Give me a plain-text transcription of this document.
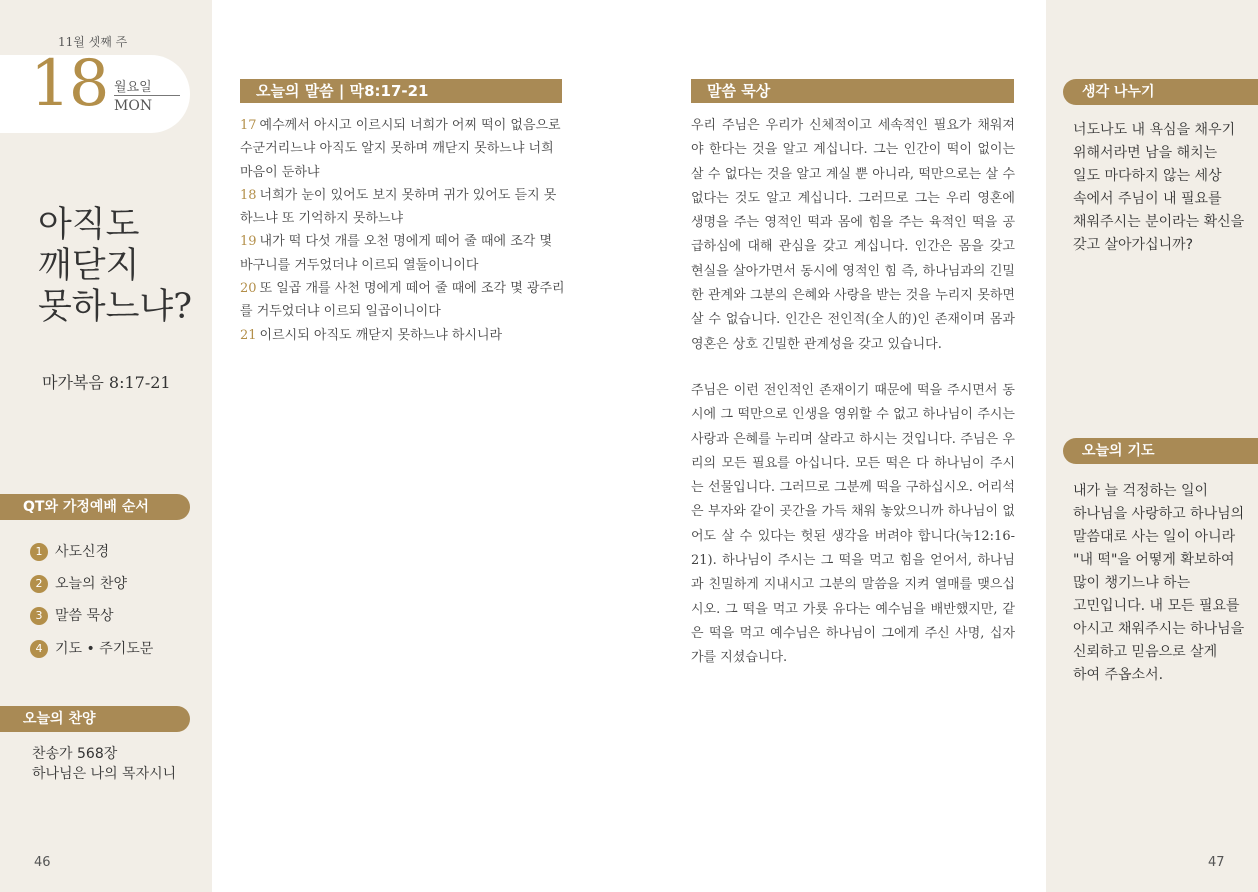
11월 셋째 주
18 월요일
MON
아직도
깨닫지
못하느냐?
마가복음 8:17-21
QT와 가정예배 순서
1 사도신경
2 오늘의 찬양
3 말씀 묵상
4 기도 • 주기도문
오늘의 찬양
찬송가 568장
하나님은 나의 목자시니
46
오늘의 말씀 | 막8:17-21
17 예수께서 아시고 이르시되 너희가 어찌 떡이 없음으로 수군거리느냐 아직도 알지 못하며 깨닫지 못하느냐 너희 마음이 둔하냐
18 너희가 눈이 있어도 보지 못하며 귀가 있어도 듣지 못하느냐 또 기억하지 못하느냐
19 내가 떡 다섯 개를 오천 명에게 떼어 줄 때에 조각 몇 바구니를 거두었더냐 이르되 열둘이니이다
20 또 일곱 개를 사천 명에게 떼어 줄 때에 조각 몇 광주리를 거두었더냐 이르되 일곱이니이다
21 이르시되 아직도 깨닫지 못하느냐 하시니라
말씀 묵상

우리 주님은 우리가 신체적이고 세속적인 필요가 채워져야 한다는 것을 알고 계십니다. 그는 인간이 떡이 없이는 살 수 없다는 것을 알고 계실 뿐 아니라, 떡만으로는 살 수 없다는 것도 알고 계십니다. 그러므로 그는 우리 영혼에 생명을 주는 영적인 떡과 몸에 힘을 주는 육적인 떡을 공급하심에 대해 관심을 갖고 계십니다. 인간은 몸을 갖고 현실을 살아가면서 동시에 영적인 힘 즉, 하나님과의 긴밀한 관계와 그분의 은혜와 사랑을 받는 것을 누리지 못하면 살 수 없습니다. 인간은 전인적(全人的)인 존재이며 몸과 영혼은 상호 긴밀한 관계성을 갖고 있습니다.

주님은 이런 전인적인 존재이기 때문에 떡을 주시면서 동시에 그 떡만으로 인생을 영위할 수 없고 하나님이 주시는 사랑과 은혜를 누리며 살라고 하시는 것입니다. 주님은 우리의 모든 필요를 아십니다. 모든 떡은 다 하나님이 주시는 선물입니다. 그러므로 그분께 떡을 구하십시오. 어리석은 부자와 같이 곳간을 가득 채워 놓았으니까 하나님이 없어도 살 수 있다는 헛된 생각을 버려야 합니다(눅12:16-21). 하나님이 주시는 그 떡을 먹고 힘을 얻어서, 하나님과 친밀하게 지내시고 그분의 말씀을 지켜 열매를 맺으십시오. 그 떡을 먹고 가룟 유다는 예수님을 배반했지만, 같은 떡을 먹고 예수님은 하나님이 그에게 주신 사명, 십자가를 지셨습니다.

생각 나누기
너도나도 내 욕심을 채우기
위해서라면 남을 해치는
일도 마다하지 않는 세상
속에서 주님이 내 필요를
채워주시는 분이라는 확신을
갖고 살아가십니까?
오늘의 기도
내가 늘 걱정하는 일이
하나님을 사랑하고 하나님의
말씀대로 사는 일이 아니라
"내 떡"을 어떻게 확보하여
많이 챙기느냐 하는
고민입니다. 내 모든 필요를
아시고 채워주시는 하나님을
신뢰하고 믿음으로 살게
하여 주옵소서.
47
